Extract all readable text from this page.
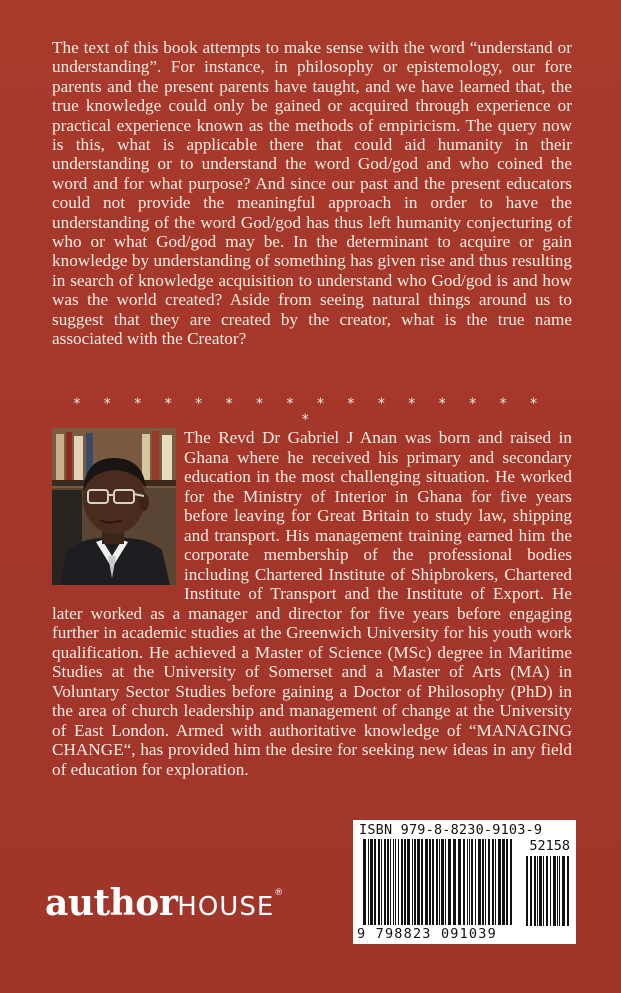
The text of this book attempts to make sense with the word “understand or understanding”. For instance, in philosophy or epistemology, our fore parents and the present parents have taught, and we have learned that, the true knowledge could only be gained or acquired through experience or practical experience known as the methods of empiricism. The query now is this, what is applicable there that could aid humanity in their understanding or to understand the word God/god and who coined the word and for what purpose? And since our past and the present educators could not provide the meaningful approach in order to have the understanding of the word God/god has thus left humanity conjecturing of who or what God/god may be. In the determinant to acquire or gain knowledge by understanding of something has given rise and thus resulting in search of knowledge acquisition to understand who God/god is and how was the world created? Aside from seeing natural things around us to suggest that they are created by the creator, what is the true name associated with the Creator?

* * * * * * * * * * * * * * * * *

The Revd Dr Gabriel J Anan was born and raised in Ghana where he received his primary and secondary education in the most challenging situation. He worked for the Ministry of Interior in Ghana for five years before leaving for Great Britain to study law, shipping and transport. His management training earned him the corporate membership of the professional bodies including Chartered Institute of Shipbrokers, Chartered Institute of Transport and the Institute of Export. He later worked as a manager and director for five years before engaging further in academic studies at the Greenwich University for his youth work qualification. He achieved a Master of Science (MSc) degree in Maritime Studies at the University of Somerset and a Master of Arts (MA) in Voluntary Sector Studies before gaining a Doctor of Philosophy (PhD) in the area of church leadership and management of change at the University of East London. Armed with authoritative knowledge of “MANAGING CHANGE“, has provided him the desire for seeking new ideas in any field of education for exploration.

ISBN 979-8-8230-9103-9
52158
9 798823 091039
authorHOUSE®
